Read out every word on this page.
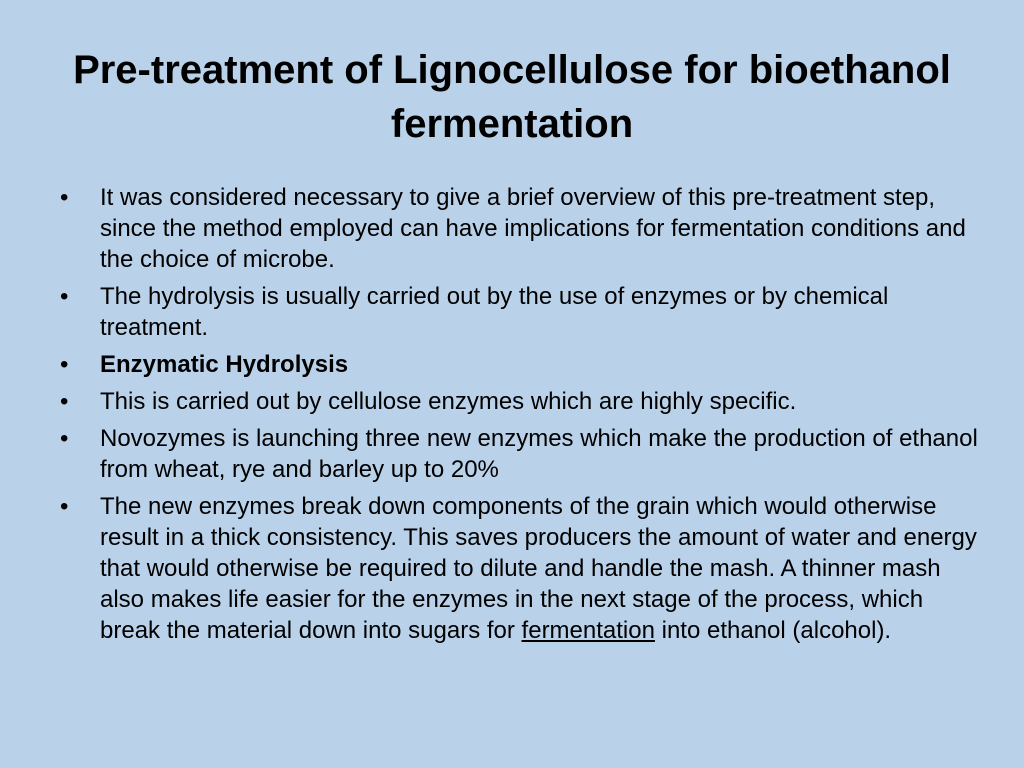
Pre-treatment of Lignocellulose for bioethanol fermentation
• It was considered necessary to give a brief overview of this pre-treatment step, since the method employed can have implications for fermentation conditions and the choice of microbe.
• The hydrolysis is usually carried out by the use of enzymes or by chemical treatment.
• Enzymatic Hydrolysis
• This is carried out by cellulose enzymes which are highly specific.
• Novozymes is launching three new enzymes which make the production of ethanol from wheat, rye and barley up to 20%
• The new enzymes break down components of the grain which would otherwise result in a thick consistency. This saves producers the amount of water and energy that would otherwise be required to dilute and handle the mash. A thinner mash also makes life easier for the enzymes in the next stage of the process, which break the material down into sugars for fermentation into ethanol (alcohol).
